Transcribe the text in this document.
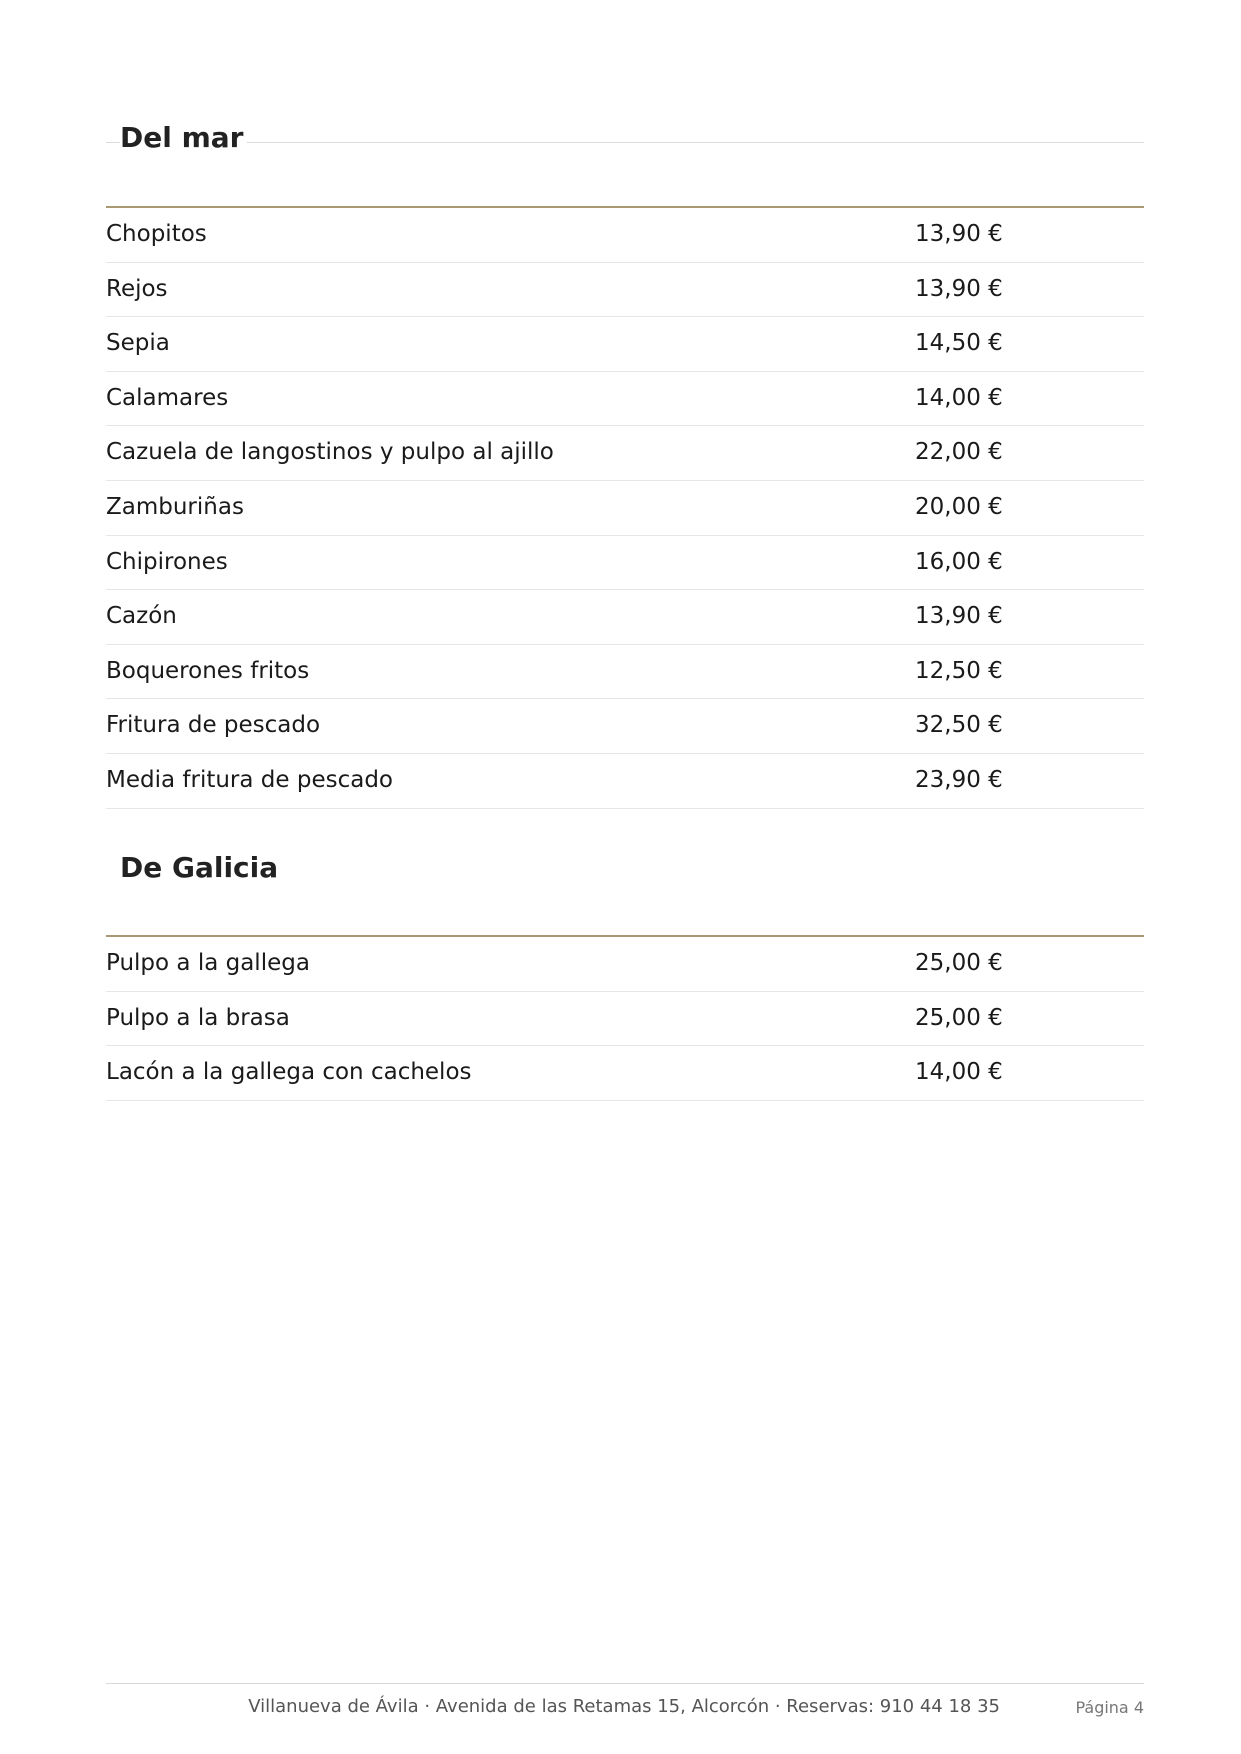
Del mar
Chopitos	13,90 €
Rejos	13,90 €
Sepia	14,50 €
Calamares	14,00 €
Cazuela de langostinos y pulpo al ajillo	22,00 €
Zamburiñas	20,00 €
Chipirones	16,00 €
Cazón	13,90 €
Boquerones fritos	12,50 €
Fritura de pescado	32,50 €
Media fritura de pescado	23,90 €
De Galicia
Pulpo a la gallega	25,00 €
Pulpo a la brasa	25,00 €
Lacón a la gallega con cachelos	14,00 €
Villanueva de Ávila · Avenida de las Retamas 15, Alcorcón · Reservas: 910 44 18 35	Página 4
